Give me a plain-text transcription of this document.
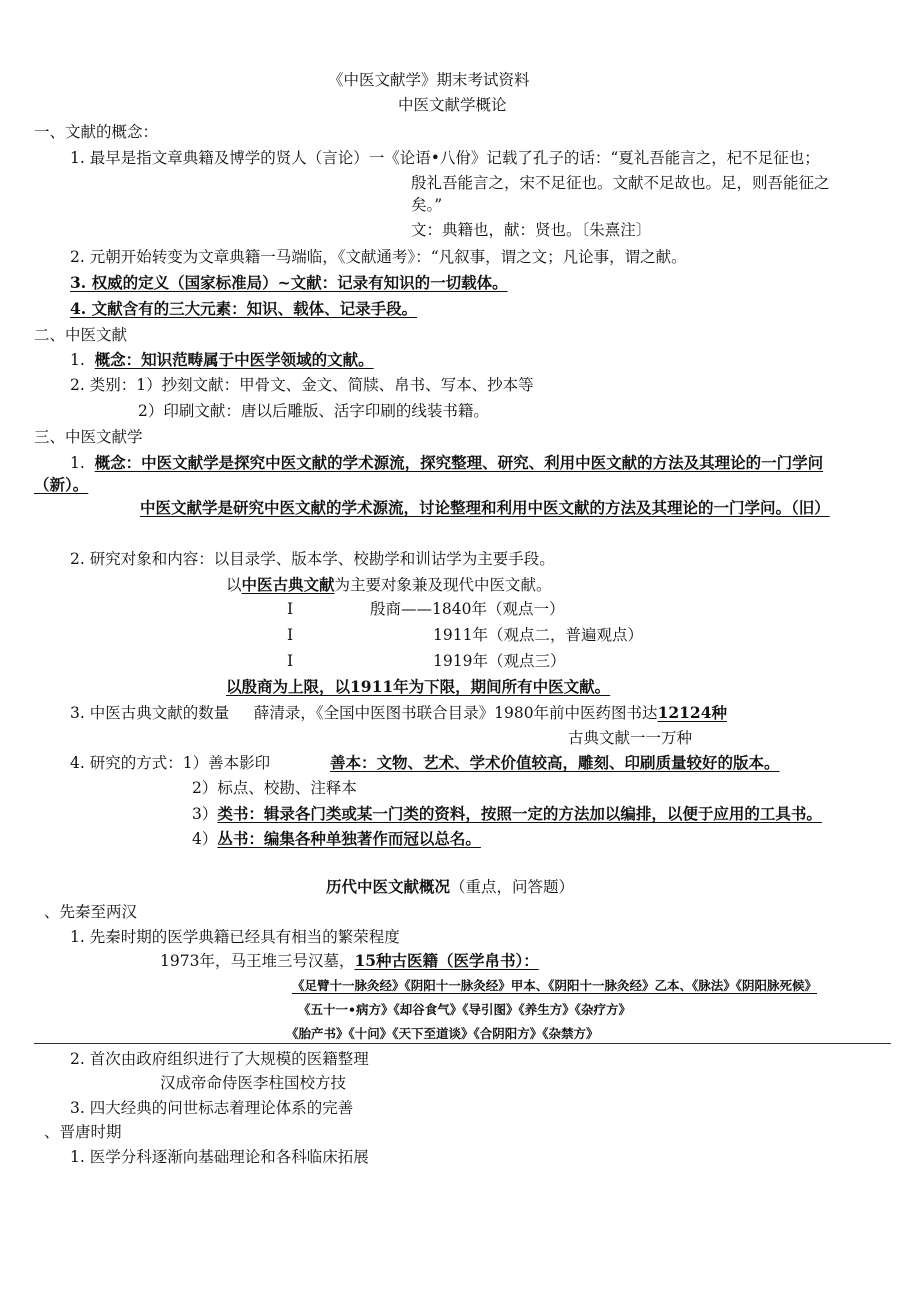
《中医文献学》期末考试资料
中医文献学概论
一、文献的概念：
1. 最早是指文章典籍及博学的贤人（言论）一《论语•八佾》记载了孔子的话：“夏礼吾能言之，杞不足征也；
殷礼吾能言之，宋不足征也。文献不足故也。足，则吾能征之
矣。”
文：典籍也，献：贤也。〔朱熹注〕
2. 元朝开始转变为文章典籍一马端临，《文献通考》：“凡叙事，谓之文；凡论事，谓之献。
3. 权威的定义（国家标准局）~文献：记录有知识的一切载体。
4. 文献含有的三大元素：知识、载体、记录手段。
二、中医文献
1. 概念：知识范畴属于中医学领域的文献。
2. 类别：1）抄刻文献：甲骨文、金文、简牍、帛书、写本、抄本等
2）印刷文献：唐以后雕版、活字印刷的线装书籍。
三、中医文献学
1. 概念：中医文献学是探究中医文献的学术源流，探究整理、研究、利用中医文献的方法及其理论的一门学问
（新）。
中医文献学是研究中医文献的学术源流，讨论整理和利用中医文献的方法及其理论的一门学问。（旧）
2. 研究对象和内容：以目录学、版本学、校勘学和训诂学为主要手段。
以中医古典文献为主要对象兼及现代中医文献。
I	殷商——1840年（观点一）
I	1911年（观点二，普遍观点）
I	1919年（观点三）
以殷商为上限，以1911年为下限，期间所有中医文献。
3. 中医古典文献的数量 薛清录，《全国中医图书联合目录》1980年前中医药图书达12124种
古典文献一一万种
4. 研究的方式：1）善本影印	善本：文物、艺术、学术价值较高，雕刻、印刷质量较好的版本。
2）标点、校勘、注释本
3）类书：辑录各门类或某一门类的资料，按照一定的方法加以编排，以便于应用的工具书。
4）丛书：编集各种单独著作而冠以总名。
历代中医文献概况（重点，问答题）
、先秦至两汉
1. 先秦时期的医学典籍已经具有相当的繁荣程度
1973年，马王堆三号汉墓，15种古医籍（医学帛书）：
《足臂十一脉灸经》《阴阳十一脉灸经》甲本、《阴阳十一脉灸经》乙本、《脉法》《阴阳脉死候》
《五十一•病方》《却谷食气》《导引图》《养生方》《杂疗方》
《胎产书》《十问》《天下至道谈》《合阴阳方》《杂禁方》
2. 首次由政府组织进行了大规模的医籍整理
汉成帝命侍医李柱国校方技
3. 四大经典的问世标志着理论体系的完善
、晋唐时期
1. 医学分科逐渐向基础理论和各科临床拓展
